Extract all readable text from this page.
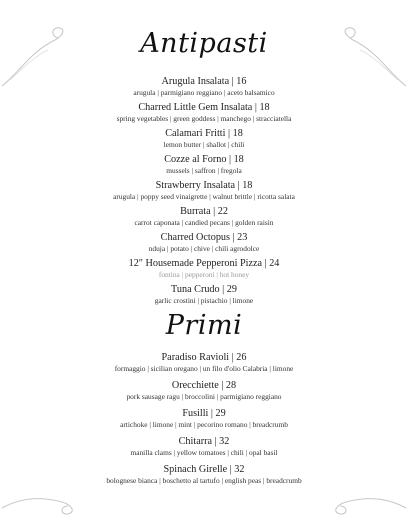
Antipasti
Arugula Insalata | 16
arugula | parmigiano reggiano | aceto balsamico
Charred Little Gem Insalata | 18
spring vegetables | green goddess | manchego | stracciatella
Calamari Fritti | 18
lemon butter | shallot | chili
Cozze al Forno | 18
mussels | saffron | fregola
Strawberry Insalata | 18
arugula | poppy seed vinaigrette | walnut brittle | ricotta salata
Burrata | 22
carrot caponata | candied pecans | golden raisin
Charred Octopus | 23
nduja | potato | chive | chili agrodolce
12" Housemade Pepperoni Pizza | 24
fontina | pepperoni | hot honey
Tuna Crudo | 29
garlic crostini | pistachio | limone
Primi
Paradiso Ravioli | 26
formaggio | sicilian oregano | un filo d'olio Calabria | limone
Orecchiette | 28
pork sausage ragu | broccolini | parmigiano reggiano
Fusilli | 29
artichoke | limone | mint | pecorino romano | breadcrumb
Chitarra | 32
manilla clams | yellow tomatoes | chili | opal basil
Spinach Girelle | 32
bolognese bianca | boschetto al tartufo | english peas | breadcrumb
